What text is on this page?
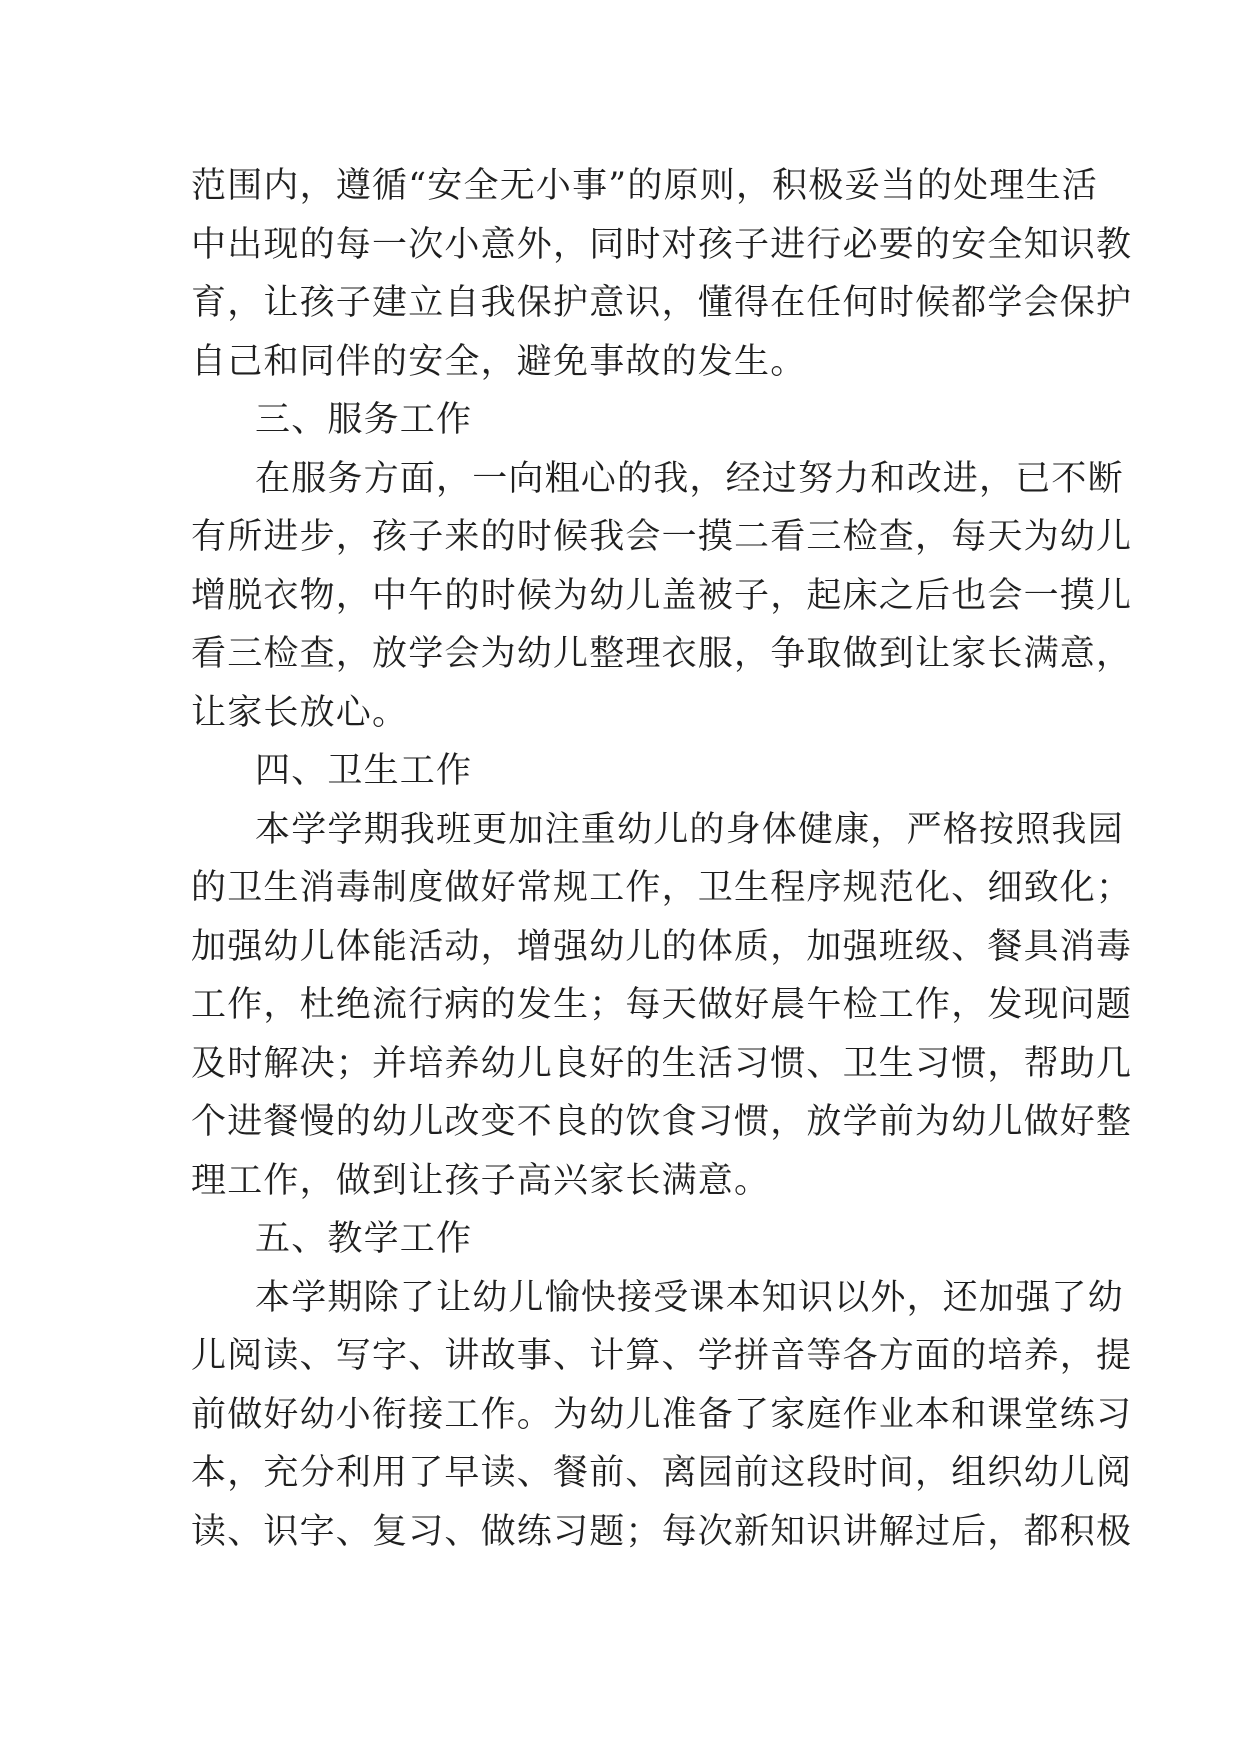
范围内，遵循“安全无小事”的原则，积极妥当的处理生活
中出现的每一次小意外，同时对孩子进行必要的安全知识教
育，让孩子建立自我保护意识，懂得在任何时候都学会保护
自己和同伴的安全，避免事故的发生。
三、服务工作
在服务方面，一向粗心的我，经过努力和改进，已不断
有所进步，孩子来的时候我会一摸二看三检查，每天为幼儿
增脱衣物，中午的时候为幼儿盖被子，起床之后也会一摸儿
看三检查，放学会为幼儿整理衣服，争取做到让家长满意，
让家长放心。
四、卫生工作
本学学期我班更加注重幼儿的身体健康，严格按照我园
的卫生消毒制度做好常规工作，卫生程序规范化、细致化；
加强幼儿体能活动，增强幼儿的体质，加强班级、餐具消毒
工作，杜绝流行病的发生；每天做好晨午检工作，发现问题
及时解决；并培养幼儿良好的生活习惯、卫生习惯，帮助几
个进餐慢的幼儿改变不良的饮食习惯，放学前为幼儿做好整
理工作，做到让孩子高兴家长满意。
五、教学工作
本学期除了让幼儿愉快接受课本知识以外，还加强了幼
儿阅读、写字、讲故事、计算、学拼音等各方面的培养，提
前做好幼小衔接工作。为幼儿准备了家庭作业本和课堂练习
本，充分利用了早读、餐前、离园前这段时间，组织幼儿阅
读、识字、复习、做练习题；每次新知识讲解过后，都积极
